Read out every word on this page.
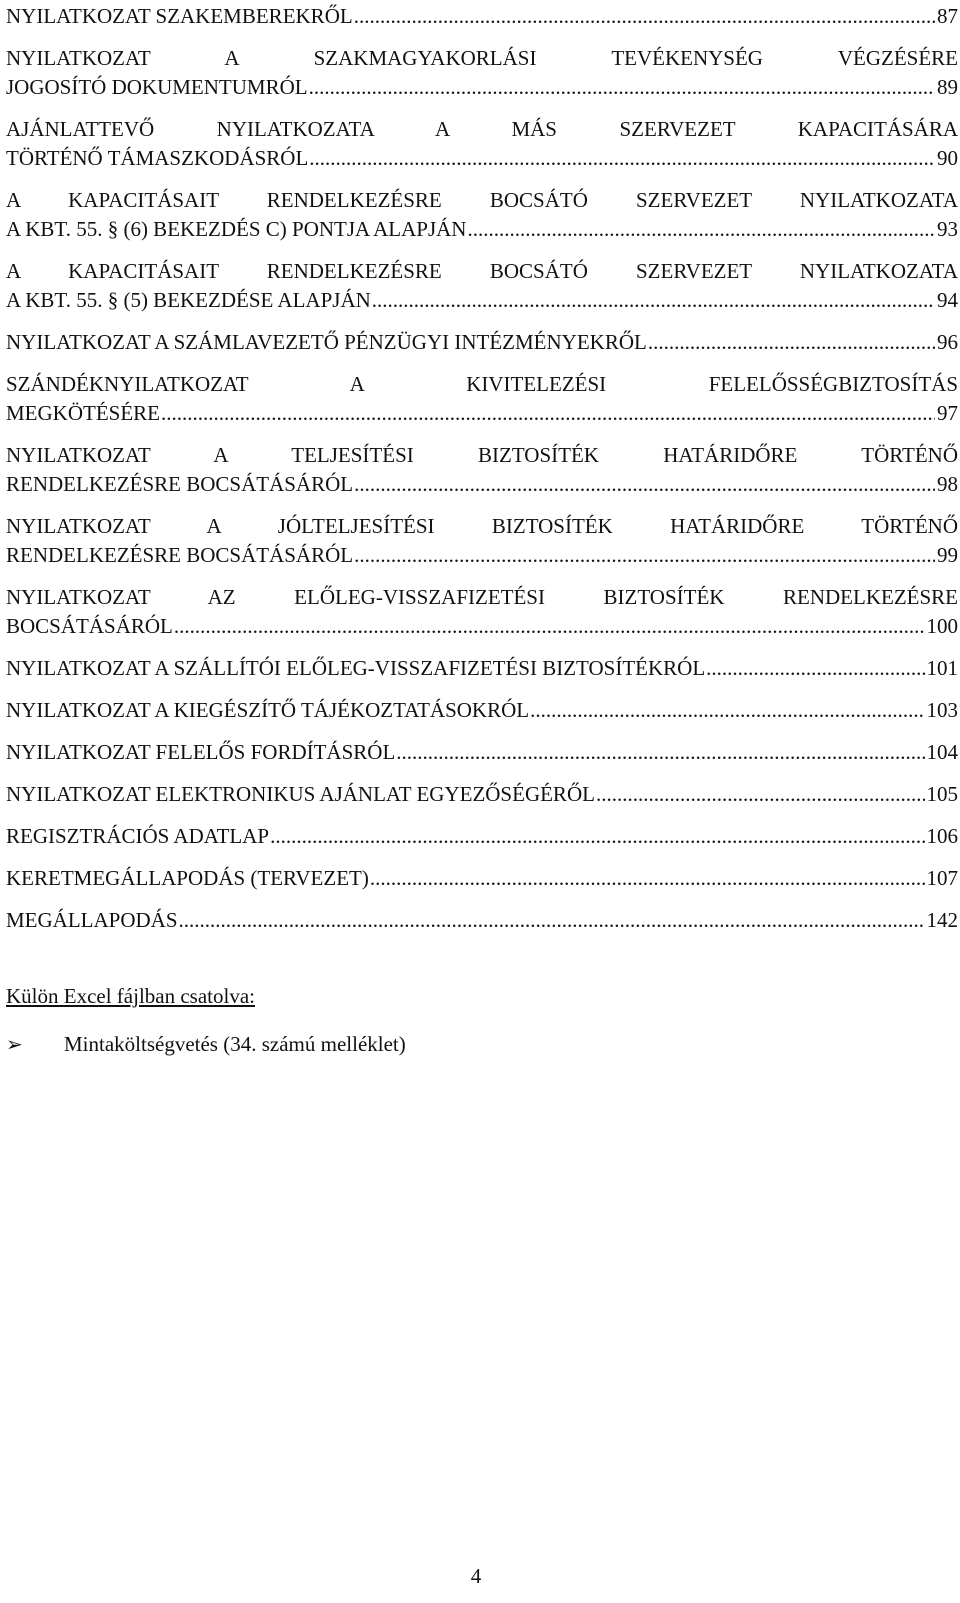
NYILATKOZAT SZAKEMBEREKRŐL .....	87
NYILATKOZAT A SZAKMAGYAKORLÁSI TEVÉKENYSÉG VÉGZÉSÉRE
JOGOSÍTÓ DOKUMENTUMRÓL .....	89
AJÁNLATTEVŐ NYILATKOZATA A MÁS SZERVEZET KAPACITÁSÁRA
TÖRTÉNŐ TÁMASZKODÁSRÓL .....	90
A KAPACITÁSAIT RENDELKEZÉSRE BOCSÁTÓ SZERVEZET NYILATKOZATA
A KBT. 55. § (6) BEKEZDÉS C) PONTJA ALAPJÁN .....	93
A KAPACITÁSAIT RENDELKEZÉSRE BOCSÁTÓ SZERVEZET NYILATKOZATA
A KBT. 55. § (5) BEKEZDÉSE ALAPJÁN .....	94
NYILATKOZAT A SZÁMLAVEZETŐ PÉNZÜGYI INTÉZMÉNYEKRŐL .....	96
SZÁNDÉKNYILATKOZAT A KIVITELEZÉSI FELELŐSSÉGBIZTOSÍTÁS
MEGKÖTÉSÉRE .....	97
NYILATKOZAT A TELJESÍTÉSI BIZTOSÍTÉK HATÁRIDŐRE TÖRTÉNŐ
RENDELKEZÉSRE BOCSÁTÁSÁRÓL .....	98
NYILATKOZAT A JÓLTELJESÍTÉSI BIZTOSÍTÉK HATÁRIDŐRE TÖRTÉNŐ
RENDELKEZÉSRE BOCSÁTÁSÁRÓL .....	99
NYILATKOZAT AZ ELŐLEG-VISSZAFIZETÉSI BIZTOSÍTÉK RENDELKEZÉSRE
BOCSÁTÁSÁRÓL .....	100
NYILATKOZAT A SZÁLLÍTÓI ELŐLEG-VISSZAFIZETÉSI BIZTOSÍTÉKRÓL .....	101
NYILATKOZAT A KIEGÉSZÍTŐ TÁJÉKOZTATÁSOKRÓL .....	103
NYILATKOZAT FELELŐS FORDÍTÁSRÓL .....	104
NYILATKOZAT ELEKTRONIKUS AJÁNLAT EGYEZŐSÉGÉRŐL .....	105
REGISZTRÁCIÓS ADATLAP .....	106
KERETMEGÁLLAPODÁS (TERVEZET) .....	107
MEGÁLLAPODÁS .....	142
Külön Excel fájlban csatolva:
➢	Mintaköltségvetés (34. számú melléklet)
4
